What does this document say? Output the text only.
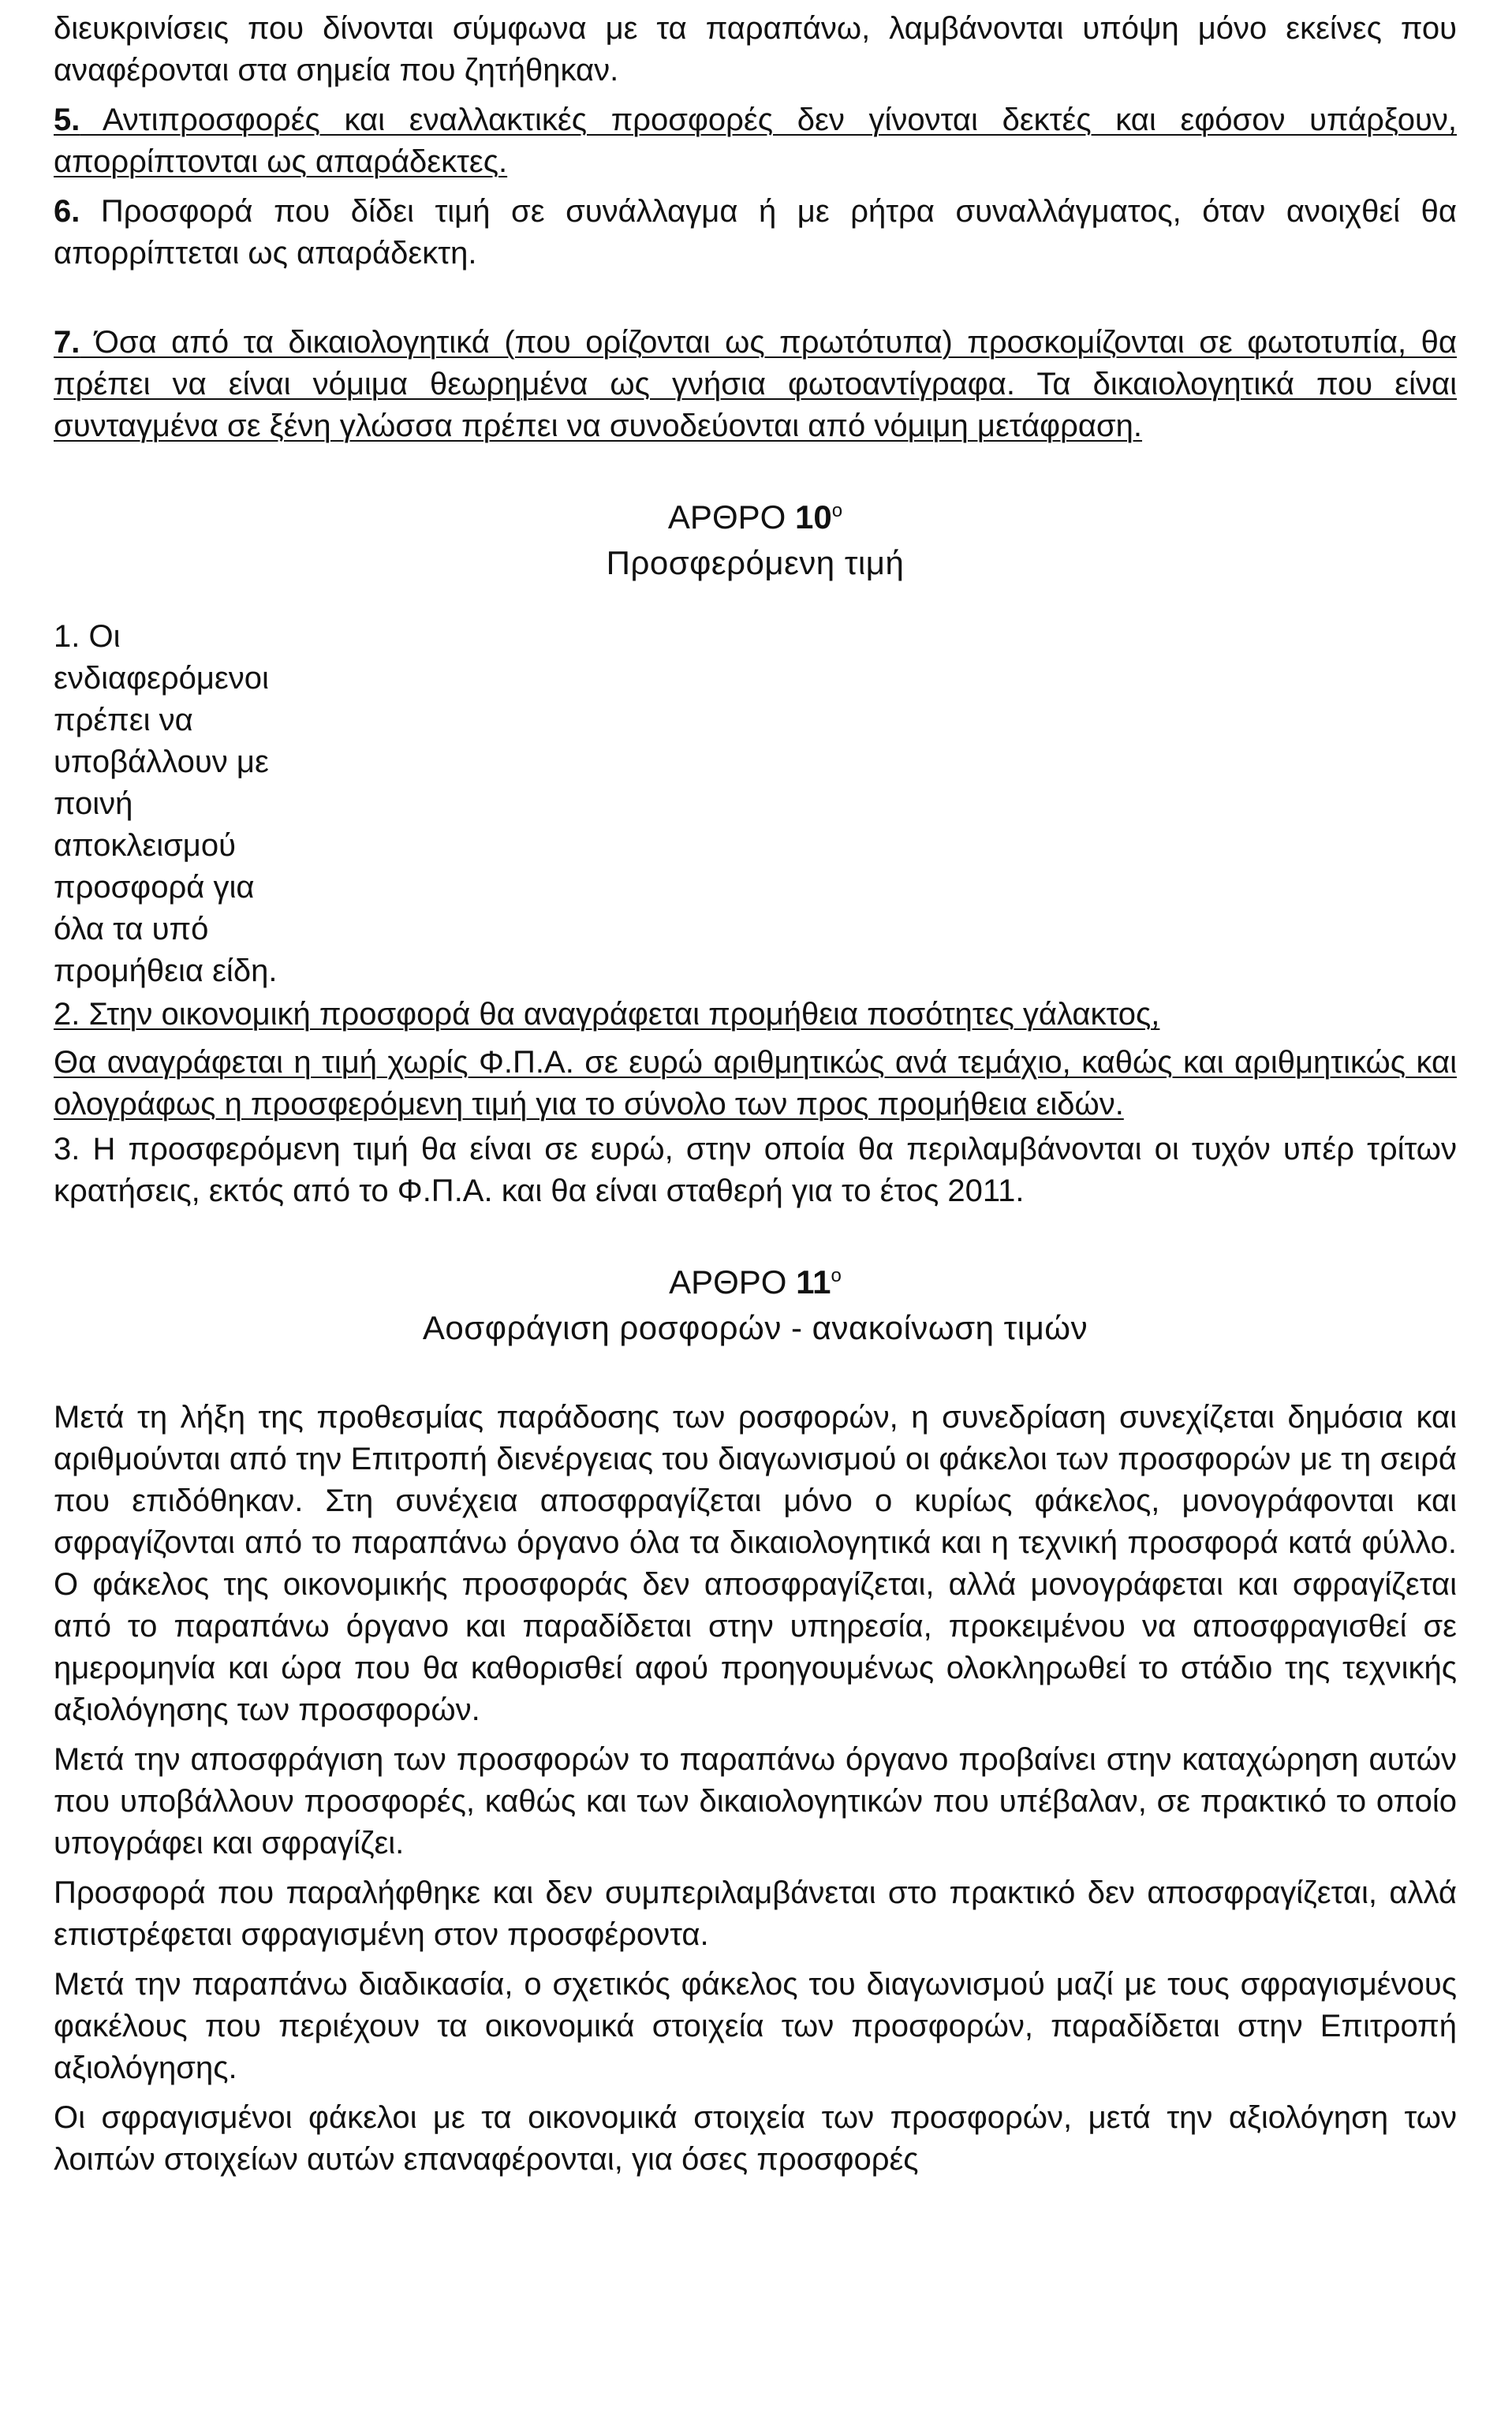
διευκρινίσεις που δίνονται σύμφωνα με τα παραπάνω, λαμβάνονται υπόψη μόνο εκείνες που αναφέρονται στα σημεία που ζητήθηκαν.

5. Αντιπροσφορές και εναλλακτικές προσφορές δεν γίνονται δεκτές και εφόσον υπάρξουν, απορρίπτονται ως απαράδεκτες.

6. Προσφορά που δίδει τιμή σε συνάλλαγμα ή με ρήτρα συναλλάγματος, όταν ανοιχθεί θα απορρίπτεται ως απαράδεκτη.

7. Όσα από τα δικαιολογητικά (που ορίζονται ως πρωτότυπα) προσκομίζονται σε φωτοτυπία, θα πρέπει να είναι νόμιμα θεωρημένα ως γνήσια φωτοαντίγραφα. Τα δικαιολογητικά που είναι συνταγμένα σε ξένη γλώσσα πρέπει να συνοδεύονται από νόμιμη μετάφραση.

ΑΡΘΡΟ $10^o$

Προσφερόμενη τιμή

1. Οι

ενδιαφερόμενοι

πρέπει να

υποβάλλουν με

ποινή

αποκλεισμού

προσφορά για

όλα τα υπό

προμήθεια είδη.

2. Στην οικονομική προσφορά θα αναγράφεται προμήθεια ποσότητες γάλακτος,

Θα αναγράφεται η τιμή χωρίς Φ.Π.Α. σε ευρώ αριθμητικώς ανά τεμάχιο, καθώς και αριθμητικώς και ολογράφως η προσφερόμενη τιμή για το σύνολο των προς προμήθεια ειδών.

3. Η προσφερόμενη τιμή θα είναι σε ευρώ, στην οποία θα περιλαμβάνονται οι τυχόν υπέρ τρίτων κρατήσεις, εκτός από το Φ.Π.Α. και θα είναι σταθερή για το έτος 2011.

ΑΡΘΡΟ $11^o$

Αοσφράγιση ροσφορών - ανακοίνωση τιμών

Μετά τη λήξη της προθεσμίας παράδοσης των ροσφορών, η συνεδρίαση συνεχίζεται δημόσια και αριθμούνται από την Επιτροπή διενέργειας του διαγωνισμού οι φάκελοι των προσφορών με τη σειρά που επιδόθηκαν. Στη συνέχεια αποσφραγίζεται μόνο ο κυρίως φάκελος, μονογράφονται και σφραγίζονται από το παραπάνω όργανο όλα τα δικαιολογητικά και η τεχνική προσφορά κατά φύλλο. Ο φάκελος της οικονομικής προσφοράς δεν αποσφραγίζεται, αλλά μονογράφεται και σφραγίζεται από το παραπάνω όργανο και παραδίδεται στην υπηρεσία, προκειμένου να αποσφραγισθεί σε ημερομηνία και ώρα που θα καθορισθεί αφού προηγουμένως ολοκληρωθεί το στάδιο της τεχνικής αξιολόγησης των προσφορών.

Μετά την αποσφράγιση των προσφορών το παραπάνω όργανο προβαίνει στην καταχώρηση αυτών που υποβάλλουν προσφορές, καθώς και των δικαιολογητικών που υπέβαλαν, σε πρακτικό το οποίο υπογράφει και σφραγίζει.

Προσφορά που παραλήφθηκε και δεν συμπεριλαμβάνεται στο πρακτικό δεν αποσφραγίζεται, αλλά επιστρέφεται σφραγισμένη στον προσφέροντα.

Μετά την παραπάνω διαδικασία, ο σχετικός φάκελος του διαγωνισμού μαζί με τους σφραγισμένους φακέλους που περιέχουν τα οικονομικά στοιχεία των προσφορών, παραδίδεται στην Επιτροπή αξιολόγησης.

Οι σφραγισμένοι φάκελοι με τα οικονομικά στοιχεία των προσφορών, μετά την αξιολόγηση των λοιπών στοιχείων αυτών επαναφέρονται, για όσες προσφορές
